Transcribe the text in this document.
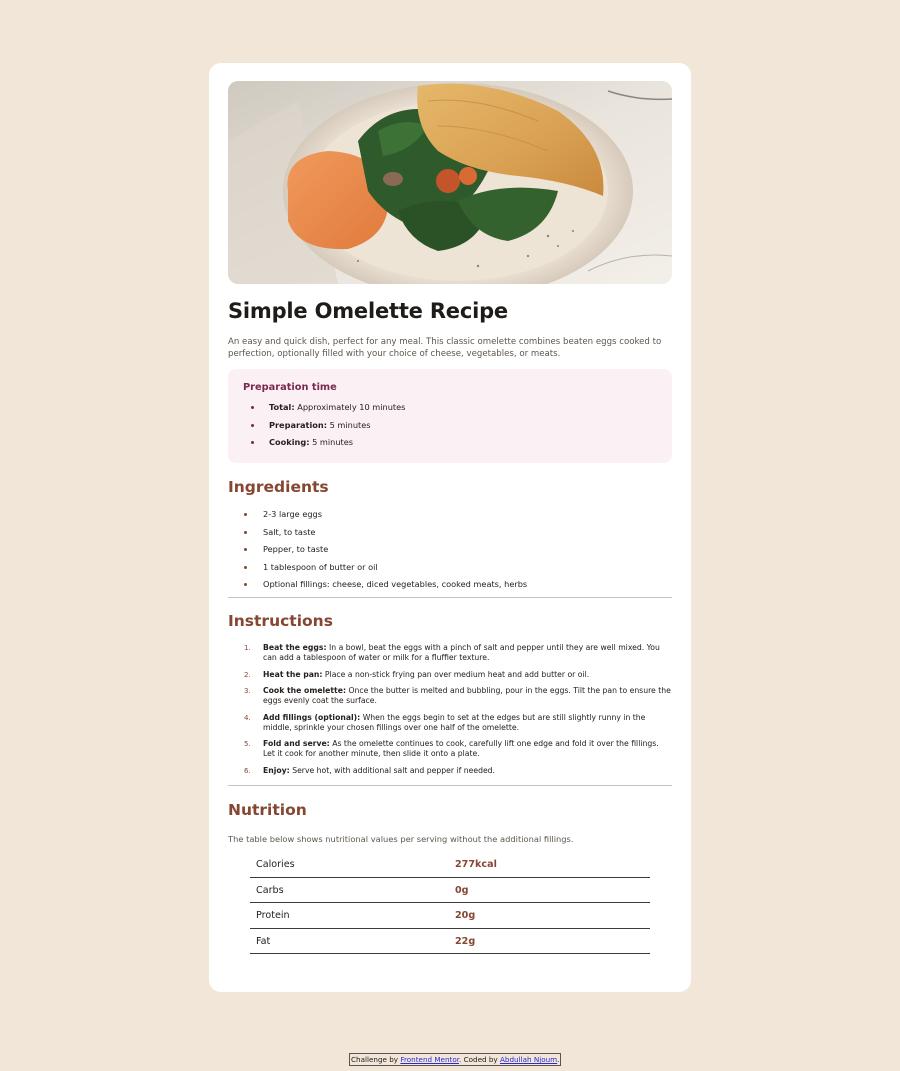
Simple Omelette Recipe

An easy and quick dish, perfect for any meal. This classic omelette combines beaten eggs cooked to perfection, optionally filled with your choice of cheese, vegetables, or meats.

Preparation time
Total: Approximately 10 minutes
Preparation: 5 minutes
Cooking: 5 minutes
Ingredients
2-3 large eggs
Salt, to taste
Pepper, to taste
1 tablespoon of butter or oil
Optional fillings: cheese, diced vegetables, cooked meats, herbs
Instructions
1. Beat the eggs: In a bowl, beat the eggs with a pinch of salt and pepper until they are well mixed. You can add a tablespoon of water or milk for a fluffier texture.
2. Heat the pan: Place a non-stick frying pan over medium heat and add butter or oil.
3. Cook the omelette: Once the butter is melted and bubbling, pour in the eggs. Tilt the pan to ensure the eggs evenly coat the surface.
4. Add fillings (optional): When the eggs begin to set at the edges but are still slightly runny in the middle, sprinkle your chosen fillings over one half of the omelette.
5. Fold and serve: As the omelette continues to cook, carefully lift one edge and fold it over the fillings. Let it cook for another minute, then slide it onto a plate.
6. Enjoy: Serve hot, with additional salt and pepper if needed.
Nutrition

The table below shows nutritional values per serving without the additional fillings.

Calories	277kcal
Carbs	0g
Protein	20g
Fat	22g
Challenge by Frontend Mentor. Coded by Abdullah Njoum.
